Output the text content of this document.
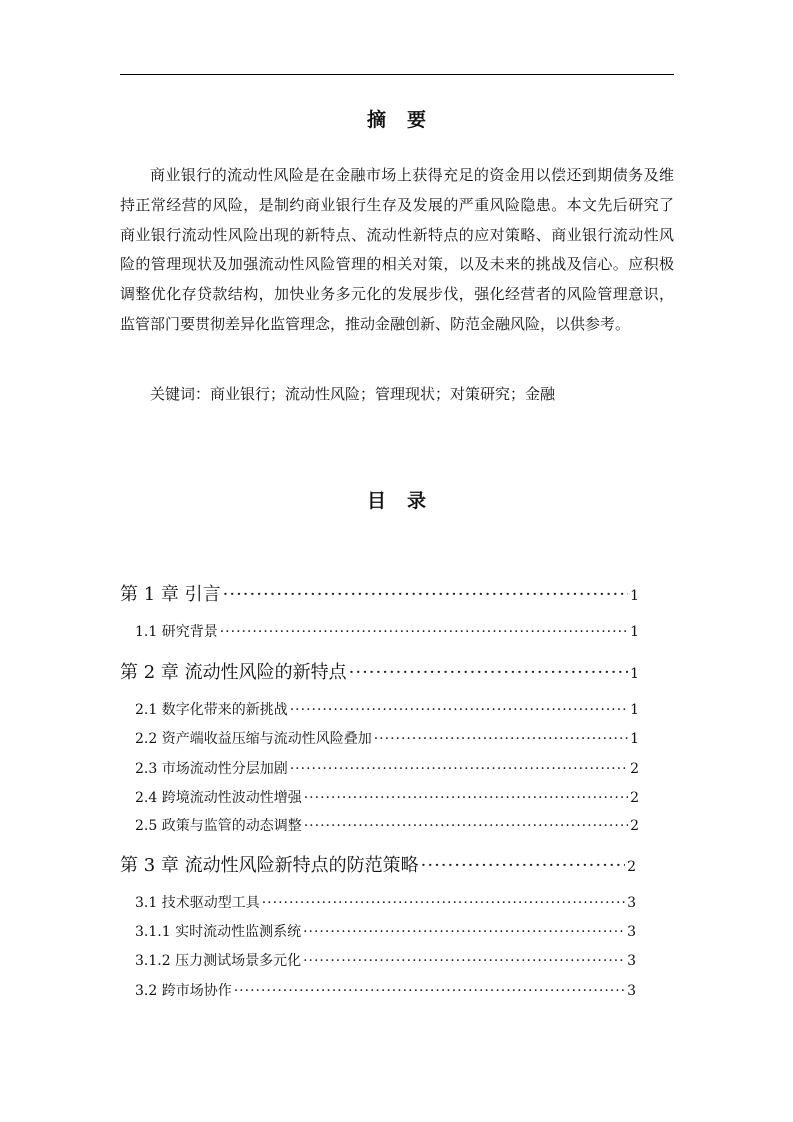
摘　要

商业银行的流动性风险是在金融市场上获得充足的资金用以偿还到期债务及维持正常经营的风险，是制约商业银行生存及发展的严重风险隐患。本文先后研究了商业银行流动性风险出现的新特点、流动性新特点的应对策略、商业银行流动性风险的管理现状及加强流动性风险管理的相关对策，以及未来的挑战及信心。应积极调整优化存贷款结构，加快业务多元化的发展步伐，强化经营者的风险管理意识，监管部门要贯彻差异化监管理念，推动金融创新、防范金融风险，以供参考。

关键词：商业银行；流动性风险；管理现状；对策研究；金融
目　录
第 1 章 引言 ·····	1
1.1 研究背景 ·····	1
第 2 章 流动性风险的新特点 ·····	1
2.1 数字化带来的新挑战 ·····	1
2.2 资产端收益压缩与流动性风险叠加 ·····	1
2.3 市场流动性分层加剧 ·····	2
2.4 跨境流动性波动性增强 ·····	2
2.5 政策与监管的动态调整 ·····	2
第 3 章 流动性风险新特点的防范策略 ·····	2
3.1 技术驱动型工具 ·····	3
3.1.1 实时流动性监测系统 ·····	3
3.1.2 压力测试场景多元化 ·····	3
3.2 跨市场协作 ·····	3
